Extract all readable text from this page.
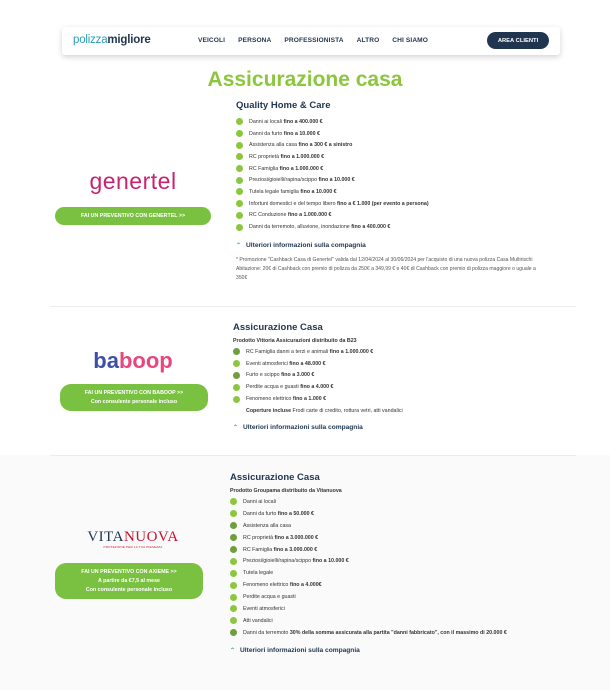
polizzamigliore	VEICOLI PERSONA PROFESSIONISTA ALTRO CHI SIAMO	AREA CLIENTI
Assicurazione casa
genertel
FAI UN PREVENTIVO CON GENERTEL >>
Quality Home & Care
Danni ai locali
fino a 400.000 €
Danni da furto
fino a 10.000 €
Assistenza alla casa
fino a 300 € a sinistro
RC proprietà
fino a 1.000.000 €
RC Famiglia
fino a 1.000.000 €
Preziosi/gioielli/rapina/scippo
fino a 10.000 €
Tutela legale famiglia
fino a 10.000 €
Infortuni domestici e del tempo libero
fino a € 1.000 (per evento a persona)
RC Conduzione
fino a 1.000.000 €
Danni da terremoto, alluvione, inondazione
fino a 400.000 €
⌃ Ulteriori informazioni sulla compagnia
* Promozione "Cashback Casa di Genertel" valida dal 12/04/2024 al 30/06/2024 per l'acquisto di una nuova polizza Casa Multirischi Abitazione: 20€ di Cashback con premio di polizza da 250€ a 349,99 € e 40€ di Cashback con premio di polizza maggiore o uguale a 350€
baboop
FAI UN PREVENTIVO CON BABOOP >>
Con consulente personale incluso
Assicurazione Casa
Prodotto Vittoria Assicurazioni distribuito da B23
RC Famiglia danni a terzi e animali
fino a 1.000.000 €
Eventi atmosferici
fino a 48.000 €
Furto e scippo
fino a 3.000 €
Perdite acqua e guasti
fino a 4.000 €
Fenomeno elettrico
fino a 1.000 €
Coperture incluse
Frodi carte di credito, rottura vetri, atti vandalici
⌃ Ulteriori informazioni sulla compagnia
VITANUOVA
PROTEZIONE PER LA TUA PIENEZZA
FAI UN PREVENTIVO CON AXIEME >>
A partire da €7,5 al mese
Con consulente personale incluso
Assicurazione Casa
Prodotto Groupama distribuito da Vitanuova
Danni ai locali
Danni da furto
fino a 50.000 €
Assistenza alla casa
RC proprietà
fino a 3.000.000 €
RC Famiglia
fino a 3.000.000 €
Preziosi/gioielli/rapina/scippo
fino a 10.000 €
Tutela legale
Fenomeno elettrico
fino a 4.000€
Perdite acqua e guasti
Eventi atmosferici
Atti vandalici
Danni da terremoto
30% della somma assicurata alla partita "danni fabbricato", con il massimo di 20.000 €
⌃ Ulteriori informazioni sulla compagnia
